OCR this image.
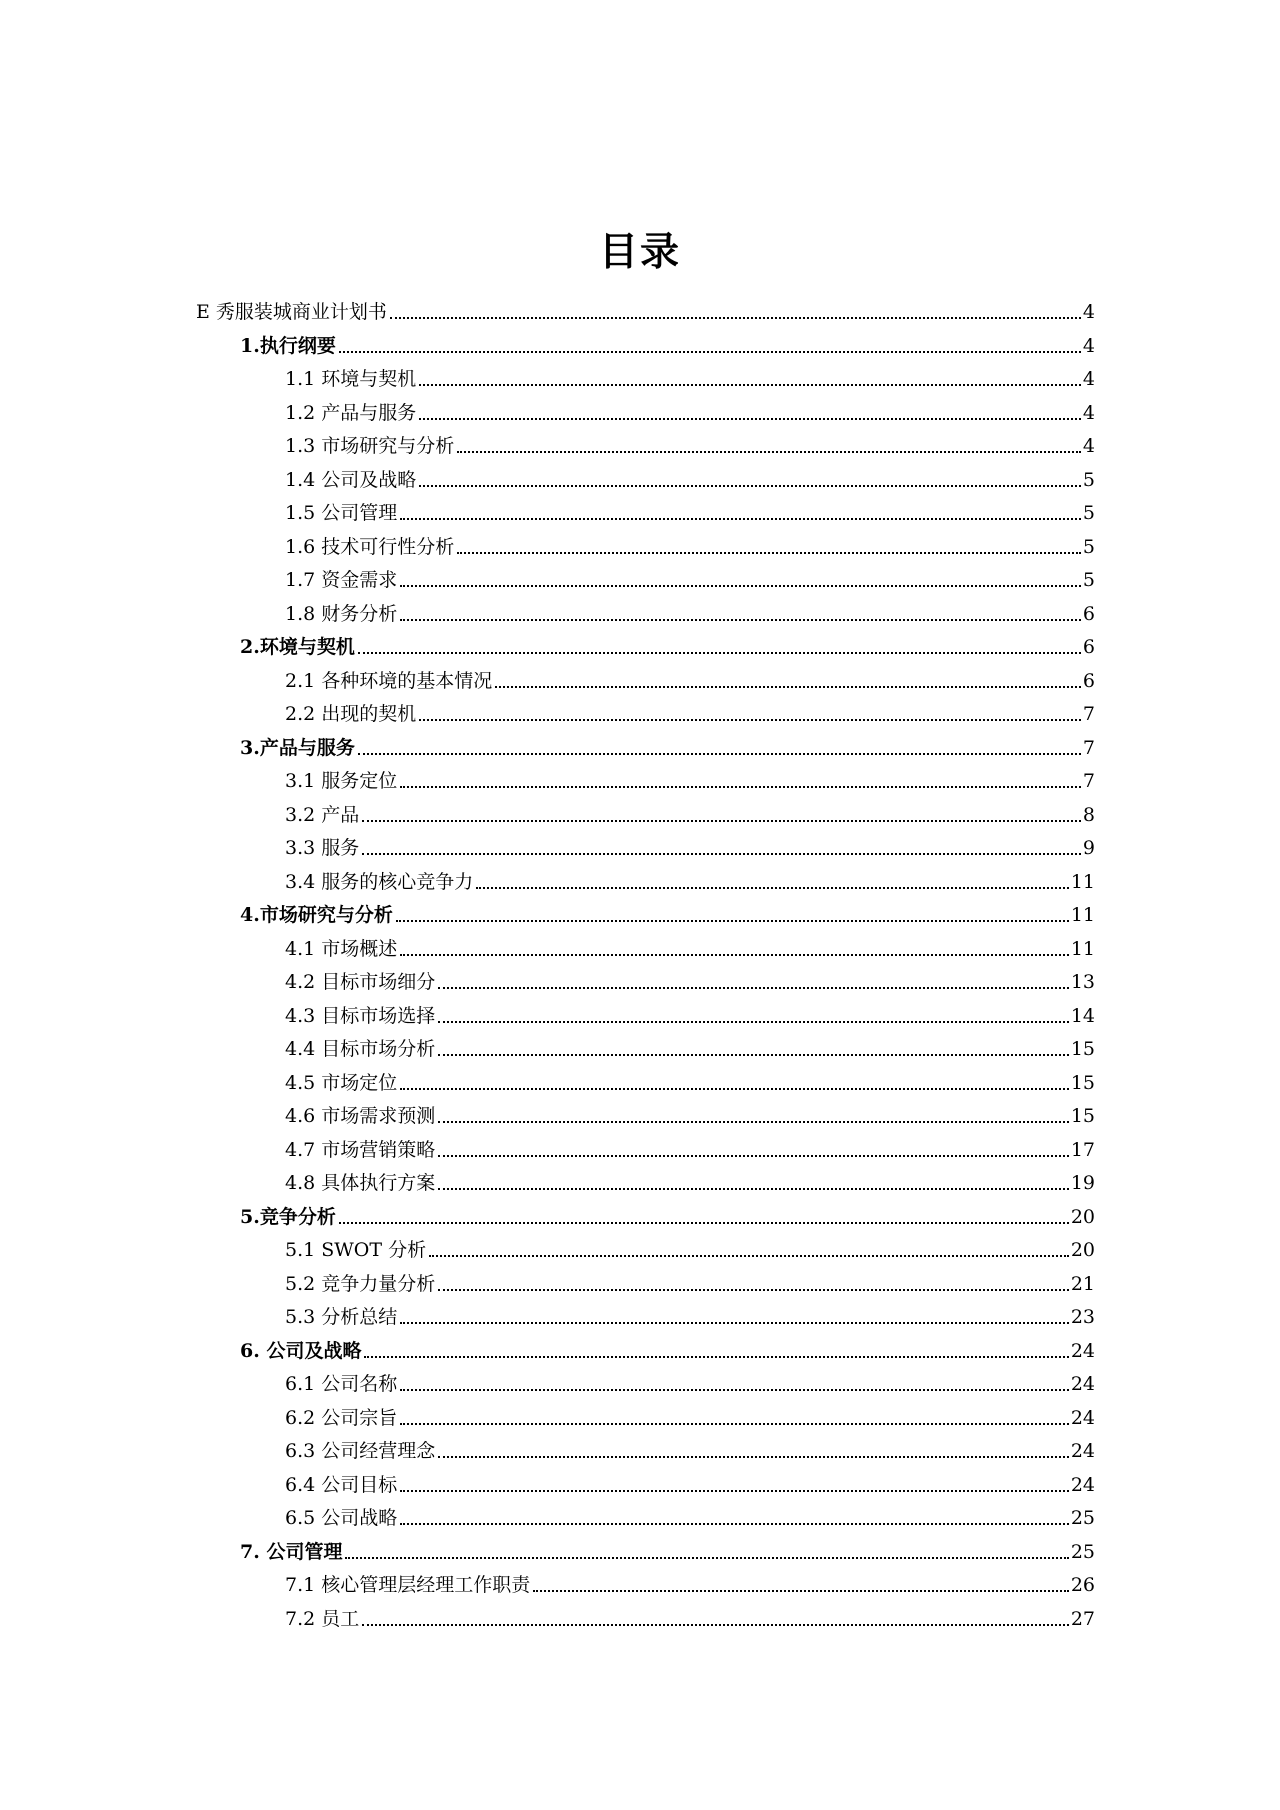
目录
E 秀服装城商业计划书	4
1.执行纲要	4
1.1 环境与契机	4
1.2 产品与服务	4
1.3 市场研究与分析	4
1.4 公司及战略	5
1.5 公司管理	5
1.6 技术可行性分析	5
1.7 资金需求	5
1.8 财务分析	6
2.环境与契机	6
2.1 各种环境的基本情况	6
2.2 出现的契机	7
3.产品与服务	7
3.1 服务定位	7
3.2 产品	8
3.3 服务	9
3.4 服务的核心竞争力	11
4.市场研究与分析	11
4.1 市场概述	11
4.2 目标市场细分	13
4.3 目标市场选择	14
4.4 目标市场分析	15
4.5 市场定位	15
4.6 市场需求预测	15
4.7 市场营销策略	17
4.8 具体执行方案	19
5.竞争分析	20
5.1 SWOT 分析	20
5.2 竞争力量分析	21
5.3 分析总结	23
6. 公司及战略	24
6.1 公司名称	24
6.2 公司宗旨	24
6.3 公司经营理念	24
6.4 公司目标	24
6.5 公司战略	25
7. 公司管理	25
7.1 核心管理层经理工作职责	26
7.2 员工	27
